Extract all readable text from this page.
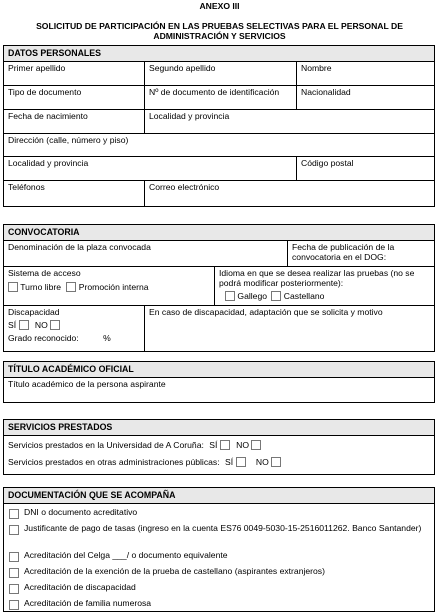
ANEXO III
SOLICITUD DE PARTICIPACIÓN EN LAS PRUEBAS SELECTIVAS PARA EL PERSONAL DE
ADMINISTRACIÓN Y SERVICIOS
DATOS PERSONALES
Primer apellido	Segundo apellido	Nombre
Tipo de documento	Nº de documento de identificación	Nacionalidad
Fecha de nacimiento	Localidad y provincia
Dirección (calle, número y piso)
Localidad y provincia	Código postal
Teléfonos	Correo electrónico
CONVOCATORIA
Denominación de la plaza convocada	Fecha de publicación de la convocatoria en el DOG:
Sistema de acceso
Turno libre Promoción interna
Idioma en que se desea realizar las pruebas (no se podrá modificar posteriormente):
Gallego Castellano
Discapacidad
SÍ NO
Grado reconocido:	%
En caso de discapacidad, adaptación que se solicita y motivo
TÍTULO ACADÉMICO OFICIAL
Título académico de la persona aspirante
SERVICIOS PRESTADOS
Servicios prestados en la Universidad de A Coruña: SÍ NO
Servicios prestados en otras administraciones públicas: SÍ	NO
DOCUMENTACIÓN QUE SE ACOMPAÑA
DNI o documento acreditativo
Justificante de pago de tasas (ingreso en la cuenta ES76 0049-5030-15-2516011262. Banco Santander)
Acreditación del Celga ___/ o documento equivalente
Acreditación de la exención de la prueba de castellano (aspirantes extranjeros)
Acreditación de discapacidad
Acreditación de familia numerosa
